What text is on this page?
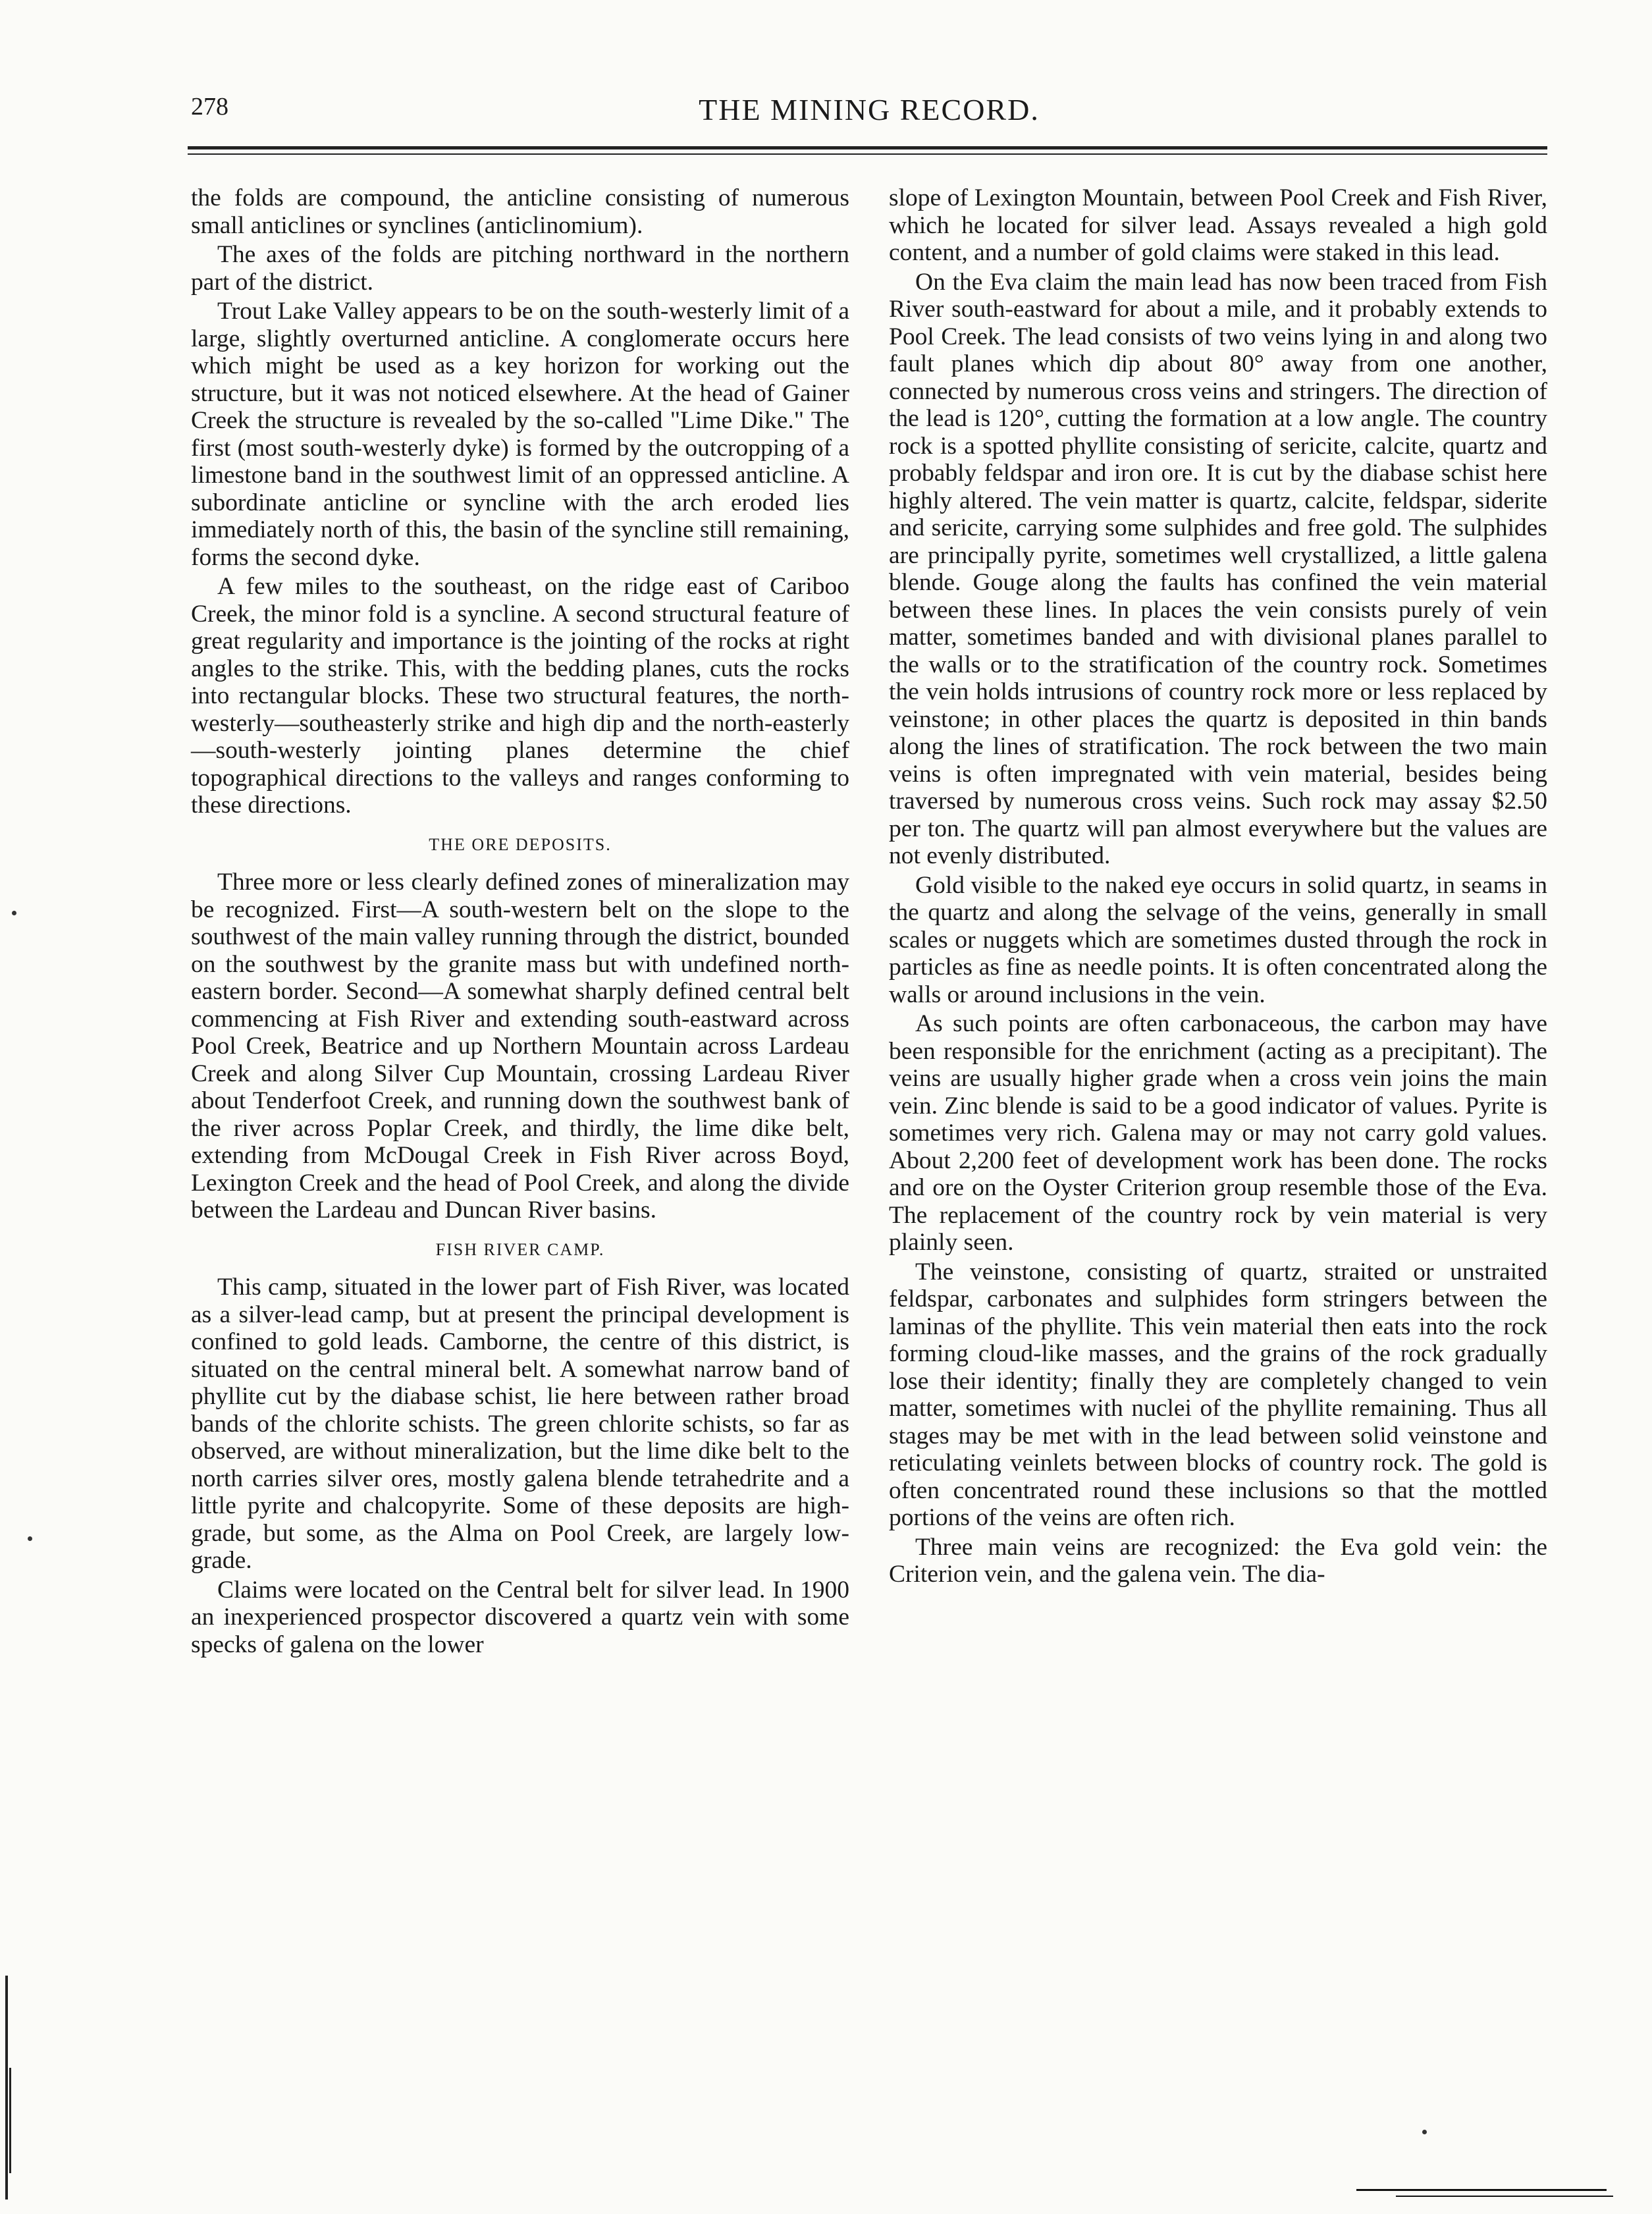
278	THE MINING RECORD.

the folds are compound, the anticline consisting of numerous small anticlines or synclines (anticlinomium).

The axes of the folds are pitching northward in the northern part of the district.

Trout Lake Valley appears to be on the south-westerly limit of a large, slightly overturned anticline. A conglomerate occurs here which might be used as a key horizon for working out the structure, but it was not noticed elsewhere. At the head of Gainer Creek the structure is revealed by the so-called "Lime Dike." The first (most south-westerly dyke) is formed by the outcropping of a limestone band in the southwest limit of an oppressed anticline. A subordinate anticline or syncline with the arch eroded lies immediately north of this, the basin of the syncline still remaining, forms the second dyke.

A few miles to the southeast, on the ridge east of Cariboo Creek, the minor fold is a syncline. A second structural feature of great regularity and importance is the jointing of the rocks at right angles to the strike. This, with the bedding planes, cuts the rocks into rectangular blocks. These two structural features, the north-westerly—southeasterly strike and high dip and the north-easterly—south-westerly jointing planes determine the chief topographical directions to the valleys and ranges conforming to these directions.

THE ORE DEPOSITS.

Three more or less clearly defined zones of mineralization may be recognized. First—A south-western belt on the slope to the southwest of the main valley running through the district, bounded on the southwest by the granite mass but with undefined north-eastern border. Second—A somewhat sharply defined central belt commencing at Fish River and extending south-eastward across Pool Creek, Beatrice and up Northern Mountain across Lardeau Creek and along Silver Cup Mountain, crossing Lardeau River about Tenderfoot Creek, and running down the southwest bank of the river across Poplar Creek, and thirdly, the lime dike belt, extending from McDougal Creek in Fish River across Boyd, Lexington Creek and the head of Pool Creek, and along the divide between the Lardeau and Duncan River basins.

FISH RIVER CAMP.

This camp, situated in the lower part of Fish River, was located as a silver-lead camp, but at present the principal development is confined to gold leads. Camborne, the centre of this district, is situated on the central mineral belt. A somewhat narrow band of phyllite cut by the diabase schist, lie here between rather broad bands of the chlorite schists. The green chlorite schists, so far as observed, are without mineralization, but the lime dike belt to the north carries silver ores, mostly galena blende tetrahedrite and a little pyrite and chalcopyrite. Some of these deposits are high-grade, but some, as the Alma on Pool Creek, are largely low-grade.

Claims were located on the Central belt for silver lead. In 1900 an inexperienced prospector discovered a quartz vein with some specks of galena on the lower

slope of Lexington Mountain, between Pool Creek and Fish River, which he located for silver lead. Assays revealed a high gold content, and a number of gold claims were staked in this lead.

On the Eva claim the main lead has now been traced from Fish River south-eastward for about a mile, and it probably extends to Pool Creek. The lead consists of two veins lying in and along two fault planes which dip about 80° away from one another, connected by numerous cross veins and stringers. The direction of the lead is 120°, cutting the formation at a low angle. The country rock is a spotted phyllite consisting of sericite, calcite, quartz and probably feldspar and iron ore. It is cut by the diabase schist here highly altered. The vein matter is quartz, calcite, feldspar, siderite and sericite, carrying some sulphides and free gold. The sulphides are principally pyrite, sometimes well crystallized, a little galena blende. Gouge along the faults has confined the vein material between these lines. In places the vein consists purely of vein matter, sometimes banded and with divisional planes parallel to the walls or to the stratification of the country rock. Sometimes the vein holds intrusions of country rock more or less replaced by veinstone; in other places the quartz is deposited in thin bands along the lines of stratification. The rock between the two main veins is often impregnated with vein material, besides being traversed by numerous cross veins. Such rock may assay $2.50 per ton. The quartz will pan almost everywhere but the values are not evenly distributed.

Gold visible to the naked eye occurs in solid quartz, in seams in the quartz and along the selvage of the veins, generally in small scales or nuggets which are sometimes dusted through the rock in particles as fine as needle points. It is often concentrated along the walls or around inclusions in the vein.

As such points are often carbonaceous, the carbon may have been responsible for the enrichment (acting as a precipitant). The veins are usually higher grade when a cross vein joins the main vein. Zinc blende is said to be a good indicator of values. Pyrite is sometimes very rich. Galena may or may not carry gold values. About 2,200 feet of development work has been done. The rocks and ore on the Oyster Criterion group resemble those of the Eva. The replacement of the country rock by vein material is very plainly seen.

The veinstone, consisting of quartz, straited or unstraited feldspar, carbonates and sulphides form stringers between the laminas of the phyllite. This vein material then eats into the rock forming cloud-like masses, and the grains of the rock gradually lose their identity; finally they are completely changed to vein matter, sometimes with nuclei of the phyllite remaining. Thus all stages may be met with in the lead between solid veinstone and reticulating veinlets between blocks of country rock. The gold is often concentrated round these inclusions so that the mottled portions of the veins are often rich.

Three main veins are recognized: the Eva gold vein: the Criterion vein, and the galena vein. The dia-
